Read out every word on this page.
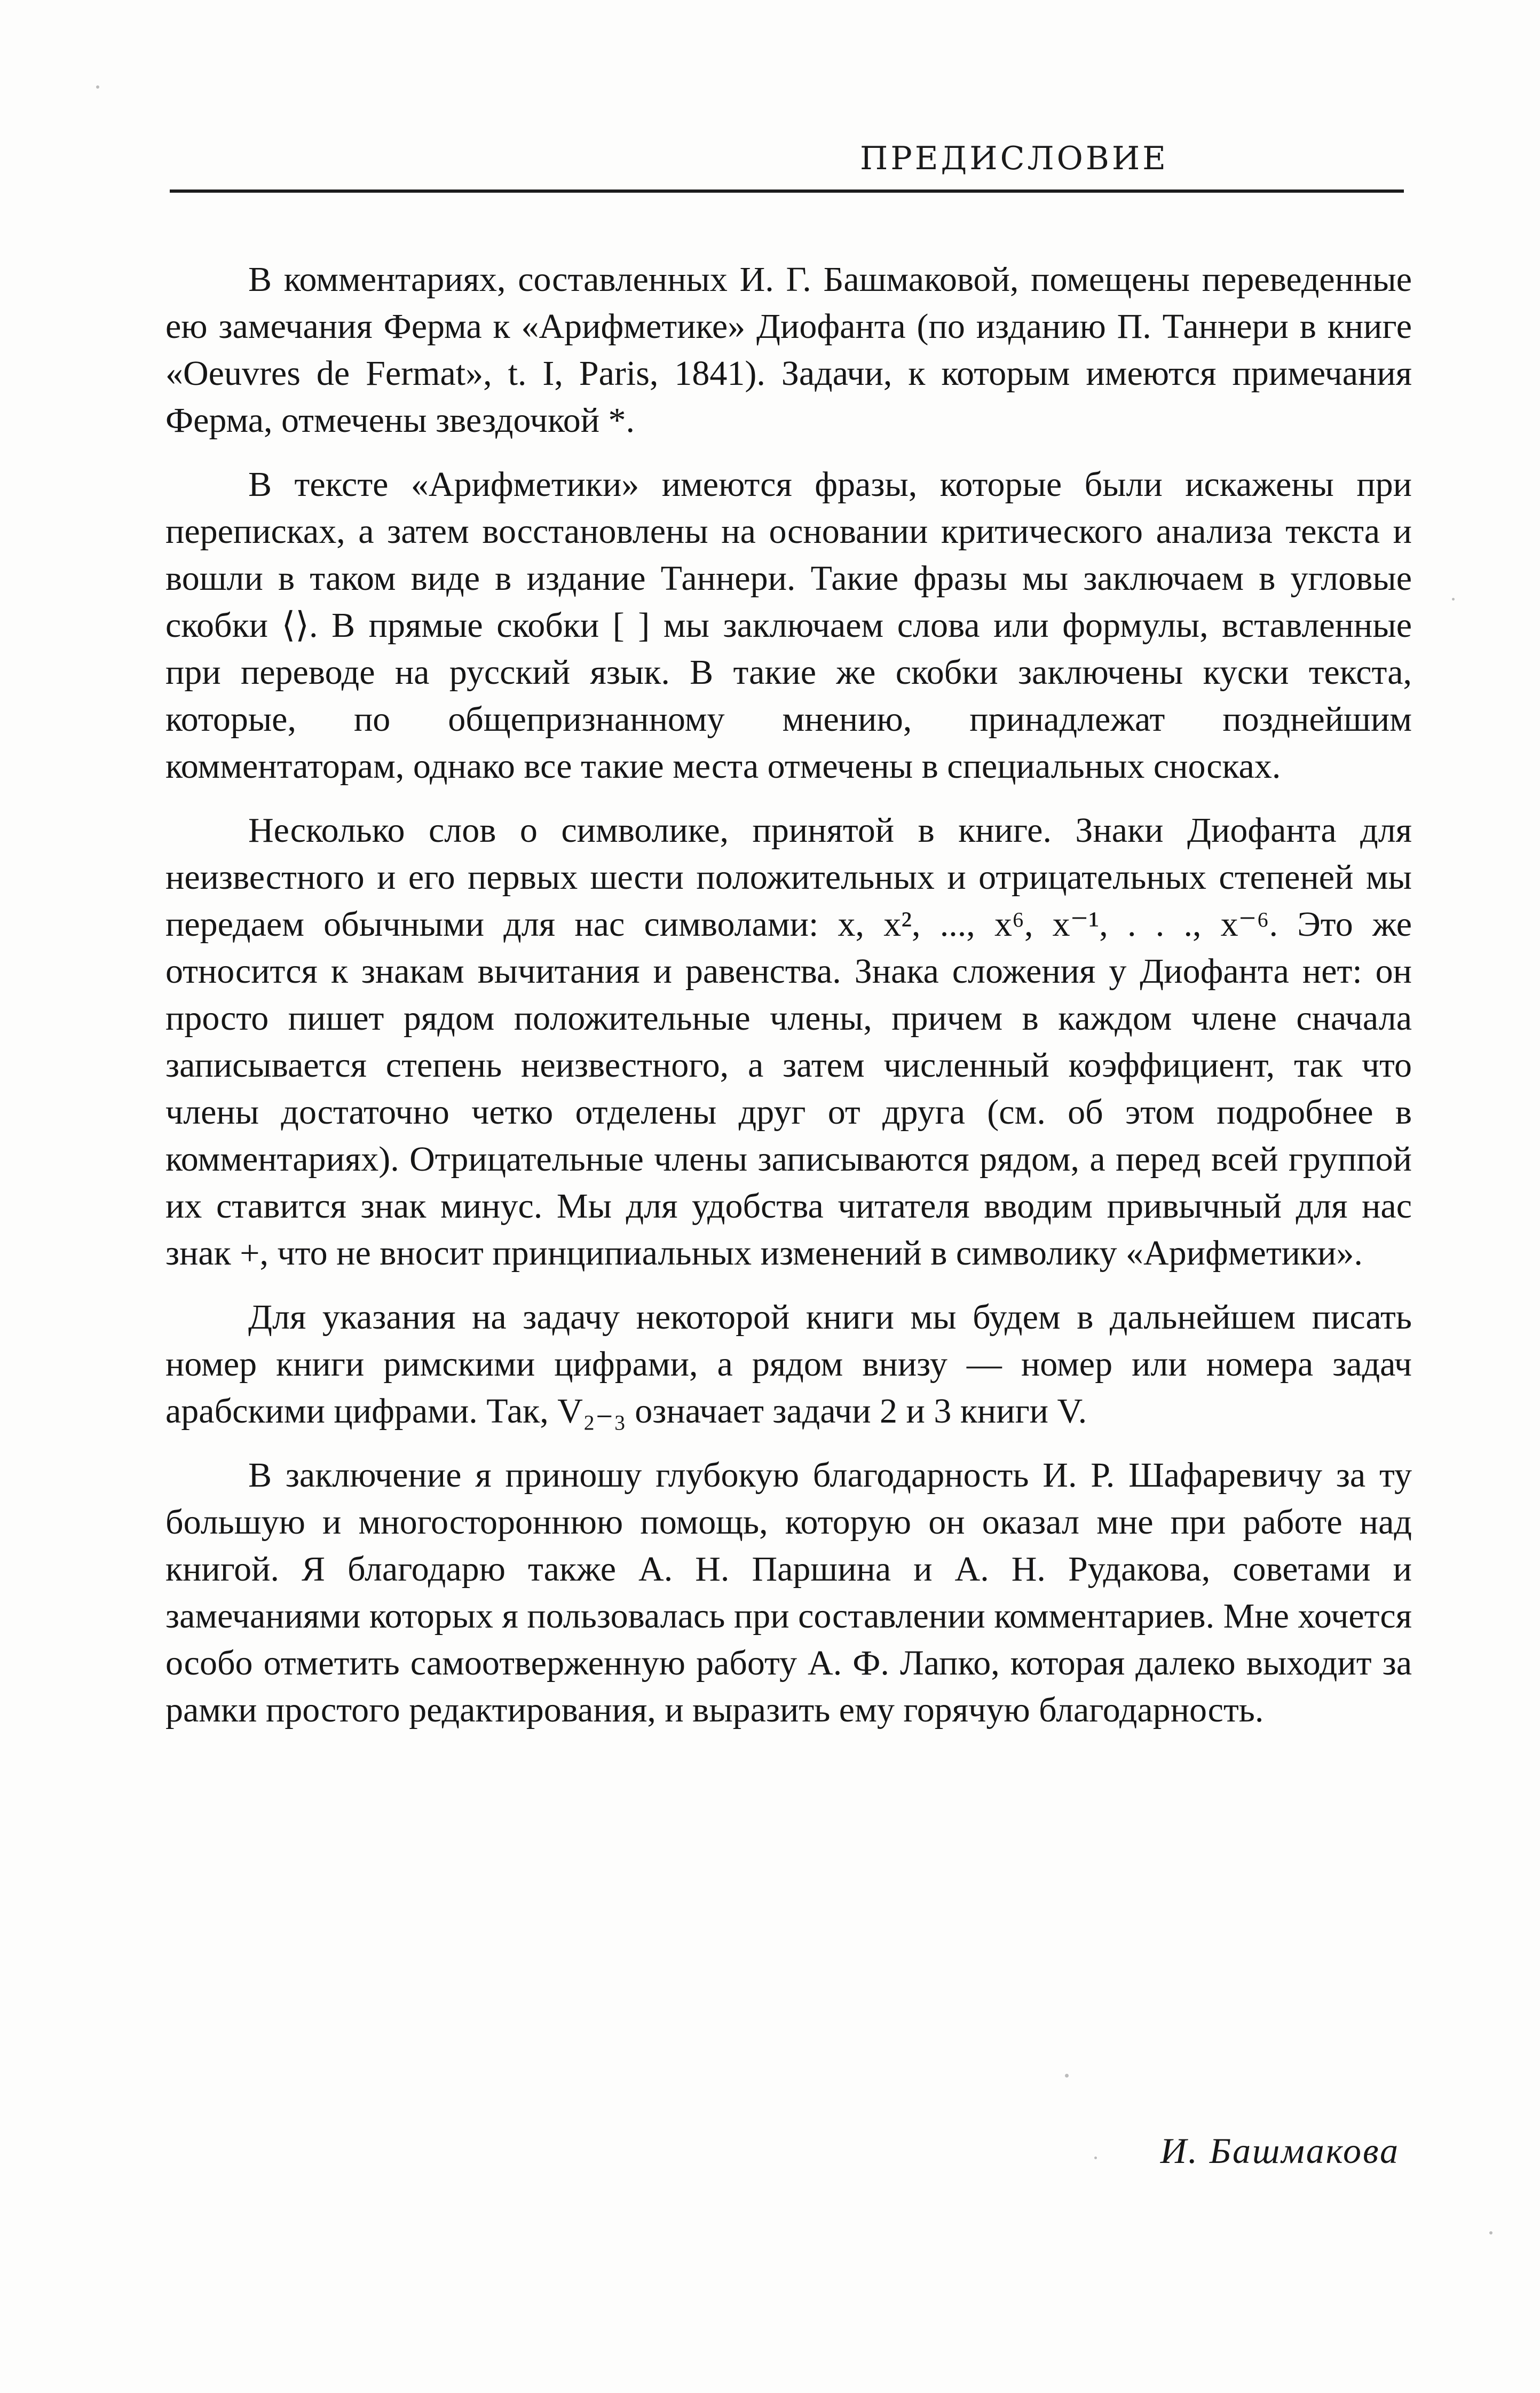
ПРЕДИСЛОВИЕ

В комментариях, составленных И. Г. Башмаковой, помещены переведенные ею замечания Ферма к «Арифметике» Диофанта (по изданию П. Таннери в книге «Oeuvres de Fermat», t. I, Paris, 1841). Задачи, к которым имеются примечания Ферма, отмечены звездочкой *.

В тексте «Арифметики» имеются фразы, которые были искажены при переписках, а затем восстановлены на основании критического анализа текста и вошли в таком виде в издание Таннери. Такие фразы мы заключаем в угловые скобки ⟨⟩. В прямые скобки [ ] мы заключаем слова или формулы, вставленные при переводе на русский язык. В такие же скобки заключены куски текста, которые, по общепризнанному мнению, принадлежат позднейшим комментаторам, однако все такие места отмечены в специальных сносках.

Несколько слов о символике, принятой в книге. Знаки Диофанта для неизвестного и его первых шести положительных и отрицательных степеней мы передаем обычными для нас символами: x, x², ..., x⁶, x⁻¹, . . ., x⁻⁶. Это же относится к знакам вычитания и равенства. Знака сложения у Диофанта нет: он просто пишет рядом положительные члены, причем в каждом члене сначала записывается степень неизвестного, а затем численный коэффициент, так что члены достаточно четко отделены друг от друга (см. об этом подробнее в комментариях). Отрицательные члены записываются рядом, а перед всей группой их ставится знак минус. Мы для удобства читателя вводим привычный для нас знак +, что не вносит принципиальных изменений в символику «Арифметики».

Для указания на задачу некоторой книги мы будем в дальнейшем писать номер книги римскими цифрами, а рядом внизу — номер или номера задач арабскими цифрами. Так, V₂₋₃ означает задачи 2 и 3 книги V.

В заключение я приношу глубокую благодарность И. Р. Шафаревичу за ту большую и многостороннюю помощь, которую он оказал мне при работе над книгой. Я благодарю также А. Н. Паршина и А. Н. Рудакова, советами и замечаниями которых я пользовалась при составлении комментариев. Мне хочется особо отметить самоотверженную работу А. Ф. Лапко, которая далеко выходит за рамки простого редактирования, и выразить ему горячую благодарность.

И. Башмакова
